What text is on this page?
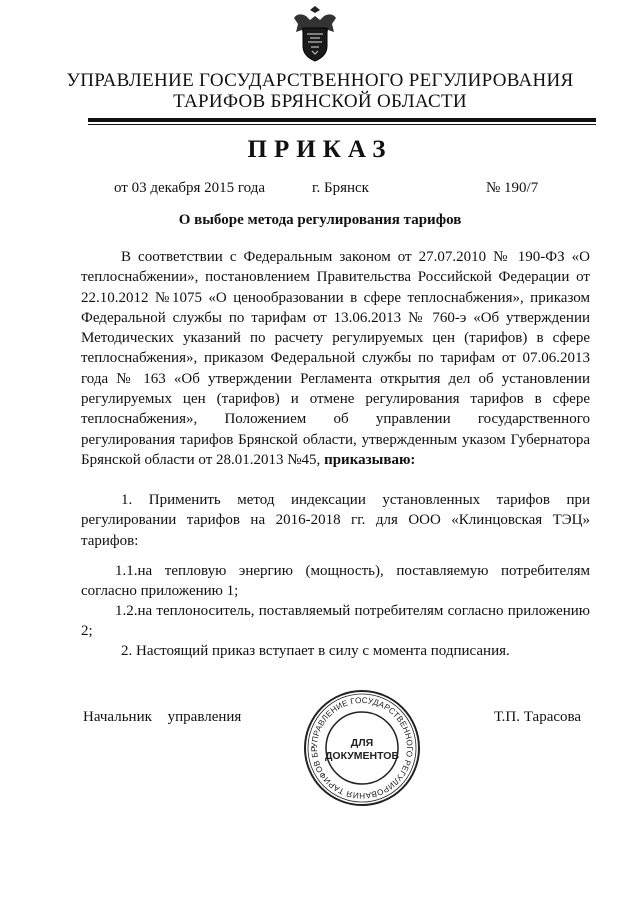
УПРАВЛЕНИЕ ГОСУДАРСТВЕННОГО РЕГУЛИРОВАНИЯ
ТАРИФОВ БРЯНСКОЙ ОБЛАСТИ
ПРИКАЗ
от 03 декабря 2015 года	г. Брянск	№ 190/7
О выборе метода регулирования тарифов
В соответствии с Федеральным законом от 27.07.2010 № 190-ФЗ «О теплоснабжении», постановлением Правительства Российской Федерации от 22.10.2012 №1075 «О ценообразовании в сфере теплоснабжения», приказом Федеральной службы по тарифам от 13.06.2013 № 760-э «Об утверждении Методических указаний по расчету регулируемых цен (тарифов) в сфере теплоснабжения», приказом Федеральной службы по тарифам от 07.06.2013 года № 163 «Об утверждении Регламента открытия дел об установлении регулируемых цен (тарифов) и отмене регулирования тарифов в сфере теплоснабжения», Положением об управлении государственного регулирования тарифов Брянской области, утвержденным указом Губернатора Брянской области от 28.01.2013 №45, приказываю:
1. Применить метод индексации установленных тарифов при регулировании тарифов на 2016-2018 гг. для ООО «Клинцовская ТЭЦ» тарифов:
1.1.на тепловую энергию (мощность), поставляемую потребителям согласно приложению 1;
1.2.на теплоноситель, поставляемый потребителям согласно приложению 2;
2. Настоящий приказ вступает в силу с момента подписания.
Начальник управления	Т.П. Тарасова
УПРАВЛЕНИЕ ГОСУДАРСТВЕННОГО РЕГУЛИРОВАНИЯ ТАРИФОВ БР
ДЛЯ
ДОКУМЕНТОВ
